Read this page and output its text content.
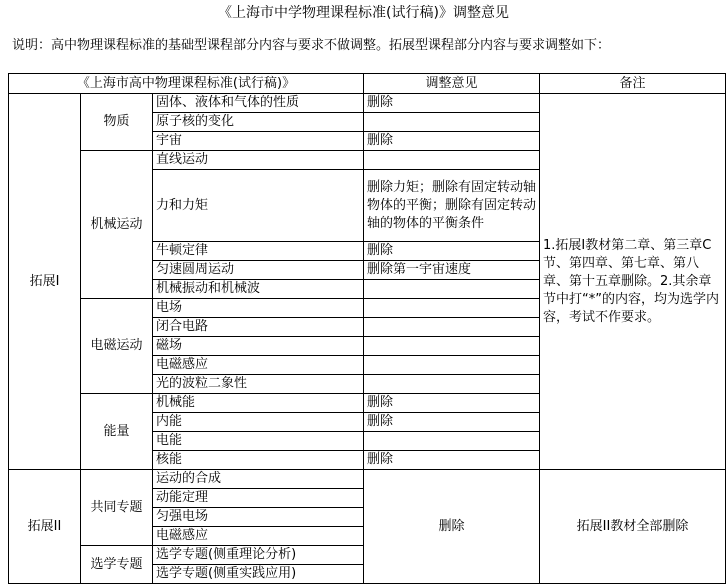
《上海市中学物理课程标准(试行稿)》调整意见
说明：高中物理课程标准的基础型课程部分内容与要求不做调整。拓展型课程部分内容与要求调整如下：
《上海市高中物理课程标准(试行稿)》			调整意见	备注
拓展I	物质	固体、液体和气体的性质	删除	1.拓展I教材第二章、第三章C节、第四章、第七章、第八章、第十五章删除。2.其余章节中打“*”的内容，均为选学内容，考试不作要求。
		原子核的变化		
		宇宙	删除	
	机械运动	直线运动		
		力和力矩	删除力矩；删除有固定转动轴物体的平衡；删除有固定转动轴的物体的平衡条件	
		牛顿定律	删除	
		匀速圆周运动	删除第一宇宙速度	
		机械振动和机械波		
	电磁运动	电场		
		闭合电路		
		磁场		
		电磁感应		
		光的波粒二象性		
	能量	机械能	删除	
		内能	删除	
		电能		
		核能	删除	
拓展II	共同专题	运动的合成	删除	拓展II教材全部删除
		动能定理		
		匀强电场		
		电磁感应		
	选学专题	选学专题(侧重理论分析)		
		选学专题(侧重实践应用)		
